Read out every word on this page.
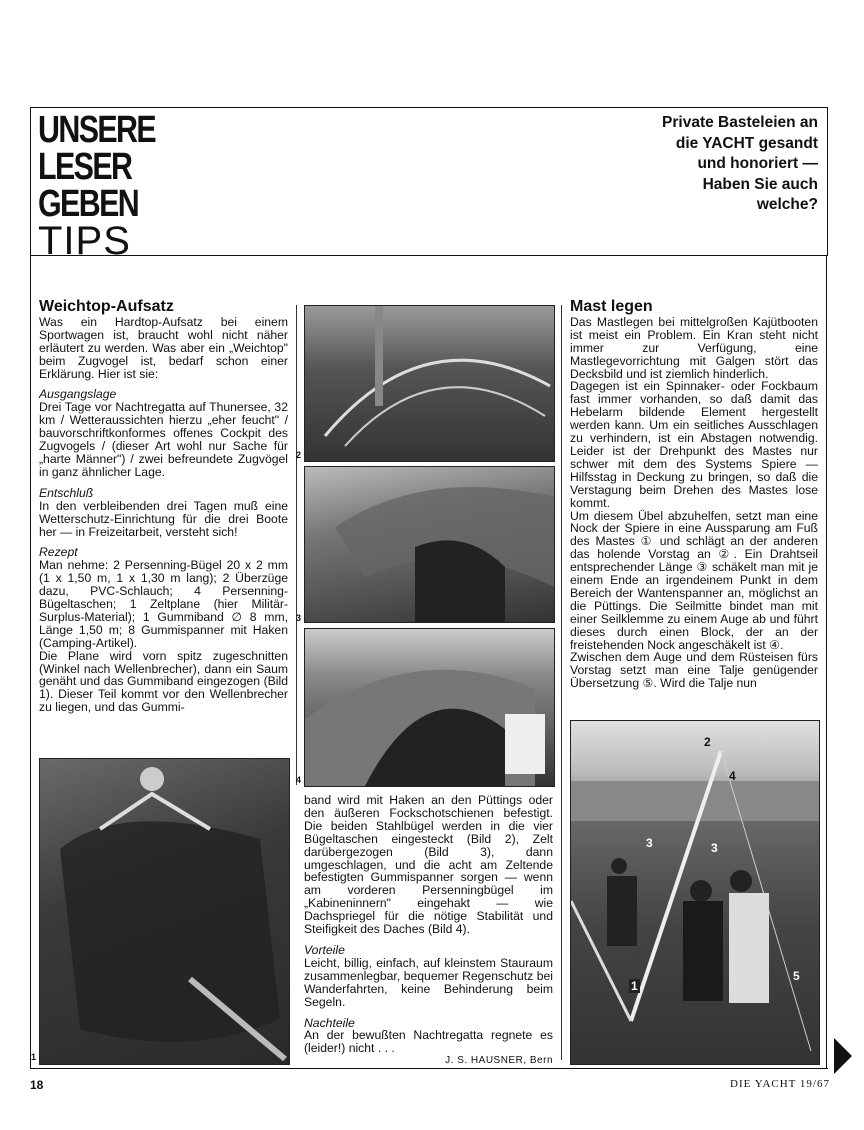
UNSERE
LESER
GEBEN
TIPS
Private Basteleien an die YACHT gesandt und honoriert — Haben Sie auch welche?
Weichtop-Aufsatz

Was ein Hardtop-Aufsatz bei einem Sportwagen ist, braucht wohl nicht näher erläutert zu werden. Was aber ein „Weichtop" beim Zugvogel ist, bedarf schon einer Erklärung. Hier ist sie:

Ausgangslage

Drei Tage vor Nachtregatta auf Thunersee, 32 km / Wetteraussichten hierzu „eher feucht" / bauvorschriftkonformes offenes Cockpit des Zugvogels / (dieser Art wohl nur Sache für „harte Männer") / zwei befreundete Zugvögel in ganz ähnlicher Lage.

Entschluß

In den verbleibenden drei Tagen muß eine Wetterschutz-Einrichtung für die drei Boote her — in Freizeitarbeit, versteht sich!

Rezept

Man nehme: 2 Persenning-Bügel 20 x 2 mm (1 x 1,50 m, 1 x 1,30 m lang); 2 Überzüge dazu, PVC-Schlauch; 4 Persenning-Bügeltaschen; 1 Zeltplane (hier Militär-Surplus-Material); 1 Gummiband ∅ 8 mm, Länge 1,50 m; 8 Gummispanner mit Haken (Camping-Artikel).

Die Plane wird vorn spitz zugeschnitten (Winkel nach Wellenbrecher), dann ein Saum genäht und das Gummiband eingezogen (Bild 1). Dieser Teil kommt vor den Wellenbrecher zu liegen, und das Gummi-

1
2
3
4

band wird mit Haken an den Püttings oder den äußeren Fockschotschienen befestigt. Die beiden Stahlbügel werden in die vier Bügeltaschen eingesteckt (Bild 2), Zelt darübergezogen (Bild 3), dann umgeschlagen, und die acht am Zeltende befestigten Gummispanner sorgen — wenn am vorderen Persenningbügel im „Kabineninnern" eingehakt — wie Dachspriegel für die nötige Stabilität und Steifigkeit des Daches (Bild 4).

Vorteile

Leicht, billig, einfach, auf kleinstem Stauraum zusammenlegbar, bequemer Regenschutz bei Wanderfahrten, keine Behinderung beim Segeln.

Nachteile

An der bewußten Nachtregatta regnete es (leider!) nicht . . .

J. S. HAUSNER, Bern
Mast legen

Das Mastlegen bei mittelgroßen Kajütbooten ist meist ein Problem. Ein Kran steht nicht immer zur Verfügung, eine Mastlegevorrichtung mit Galgen stört das Decksbild und ist ziemlich hinderlich.

Dagegen ist ein Spinnaker- oder Fockbaum fast immer vorhanden, so daß damit das Hebelarm bildende Element hergestellt werden kann. Um ein seitliches Ausschlagen zu verhindern, ist ein Abstagen notwendig. Leider ist der Drehpunkt des Mastes nur schwer mit dem des Systems Spiere — Hilfsstag in Deckung zu bringen, so daß die Verstagung beim Drehen des Mastes lose kommt.

Um diesem Übel abzuhelfen, setzt man eine Nock der Spiere in eine Aussparung am Fuß des Mastes ① und schlägt an der anderen das holende Vorstag an ②. Ein Drahtseil entsprechender Länge ③ schäkelt man mit je einem Ende an irgendeinem Punkt in dem Bereich der Wantenspanner an, möglichst an die Püttings. Die Seilmitte bindet man mit einer Seilklemme zu einem Auge ab und führt dieses durch einen Block, der an der freistehenden Nock angeschäkelt ist ④.

Zwischen dem Auge und dem Rüsteisen fürs Vorstag setzt man eine Talje genügender Übersetzung ⑤. Wird die Talje nun

2
4
3	3
1
5
18	DIE YACHT 19/67
